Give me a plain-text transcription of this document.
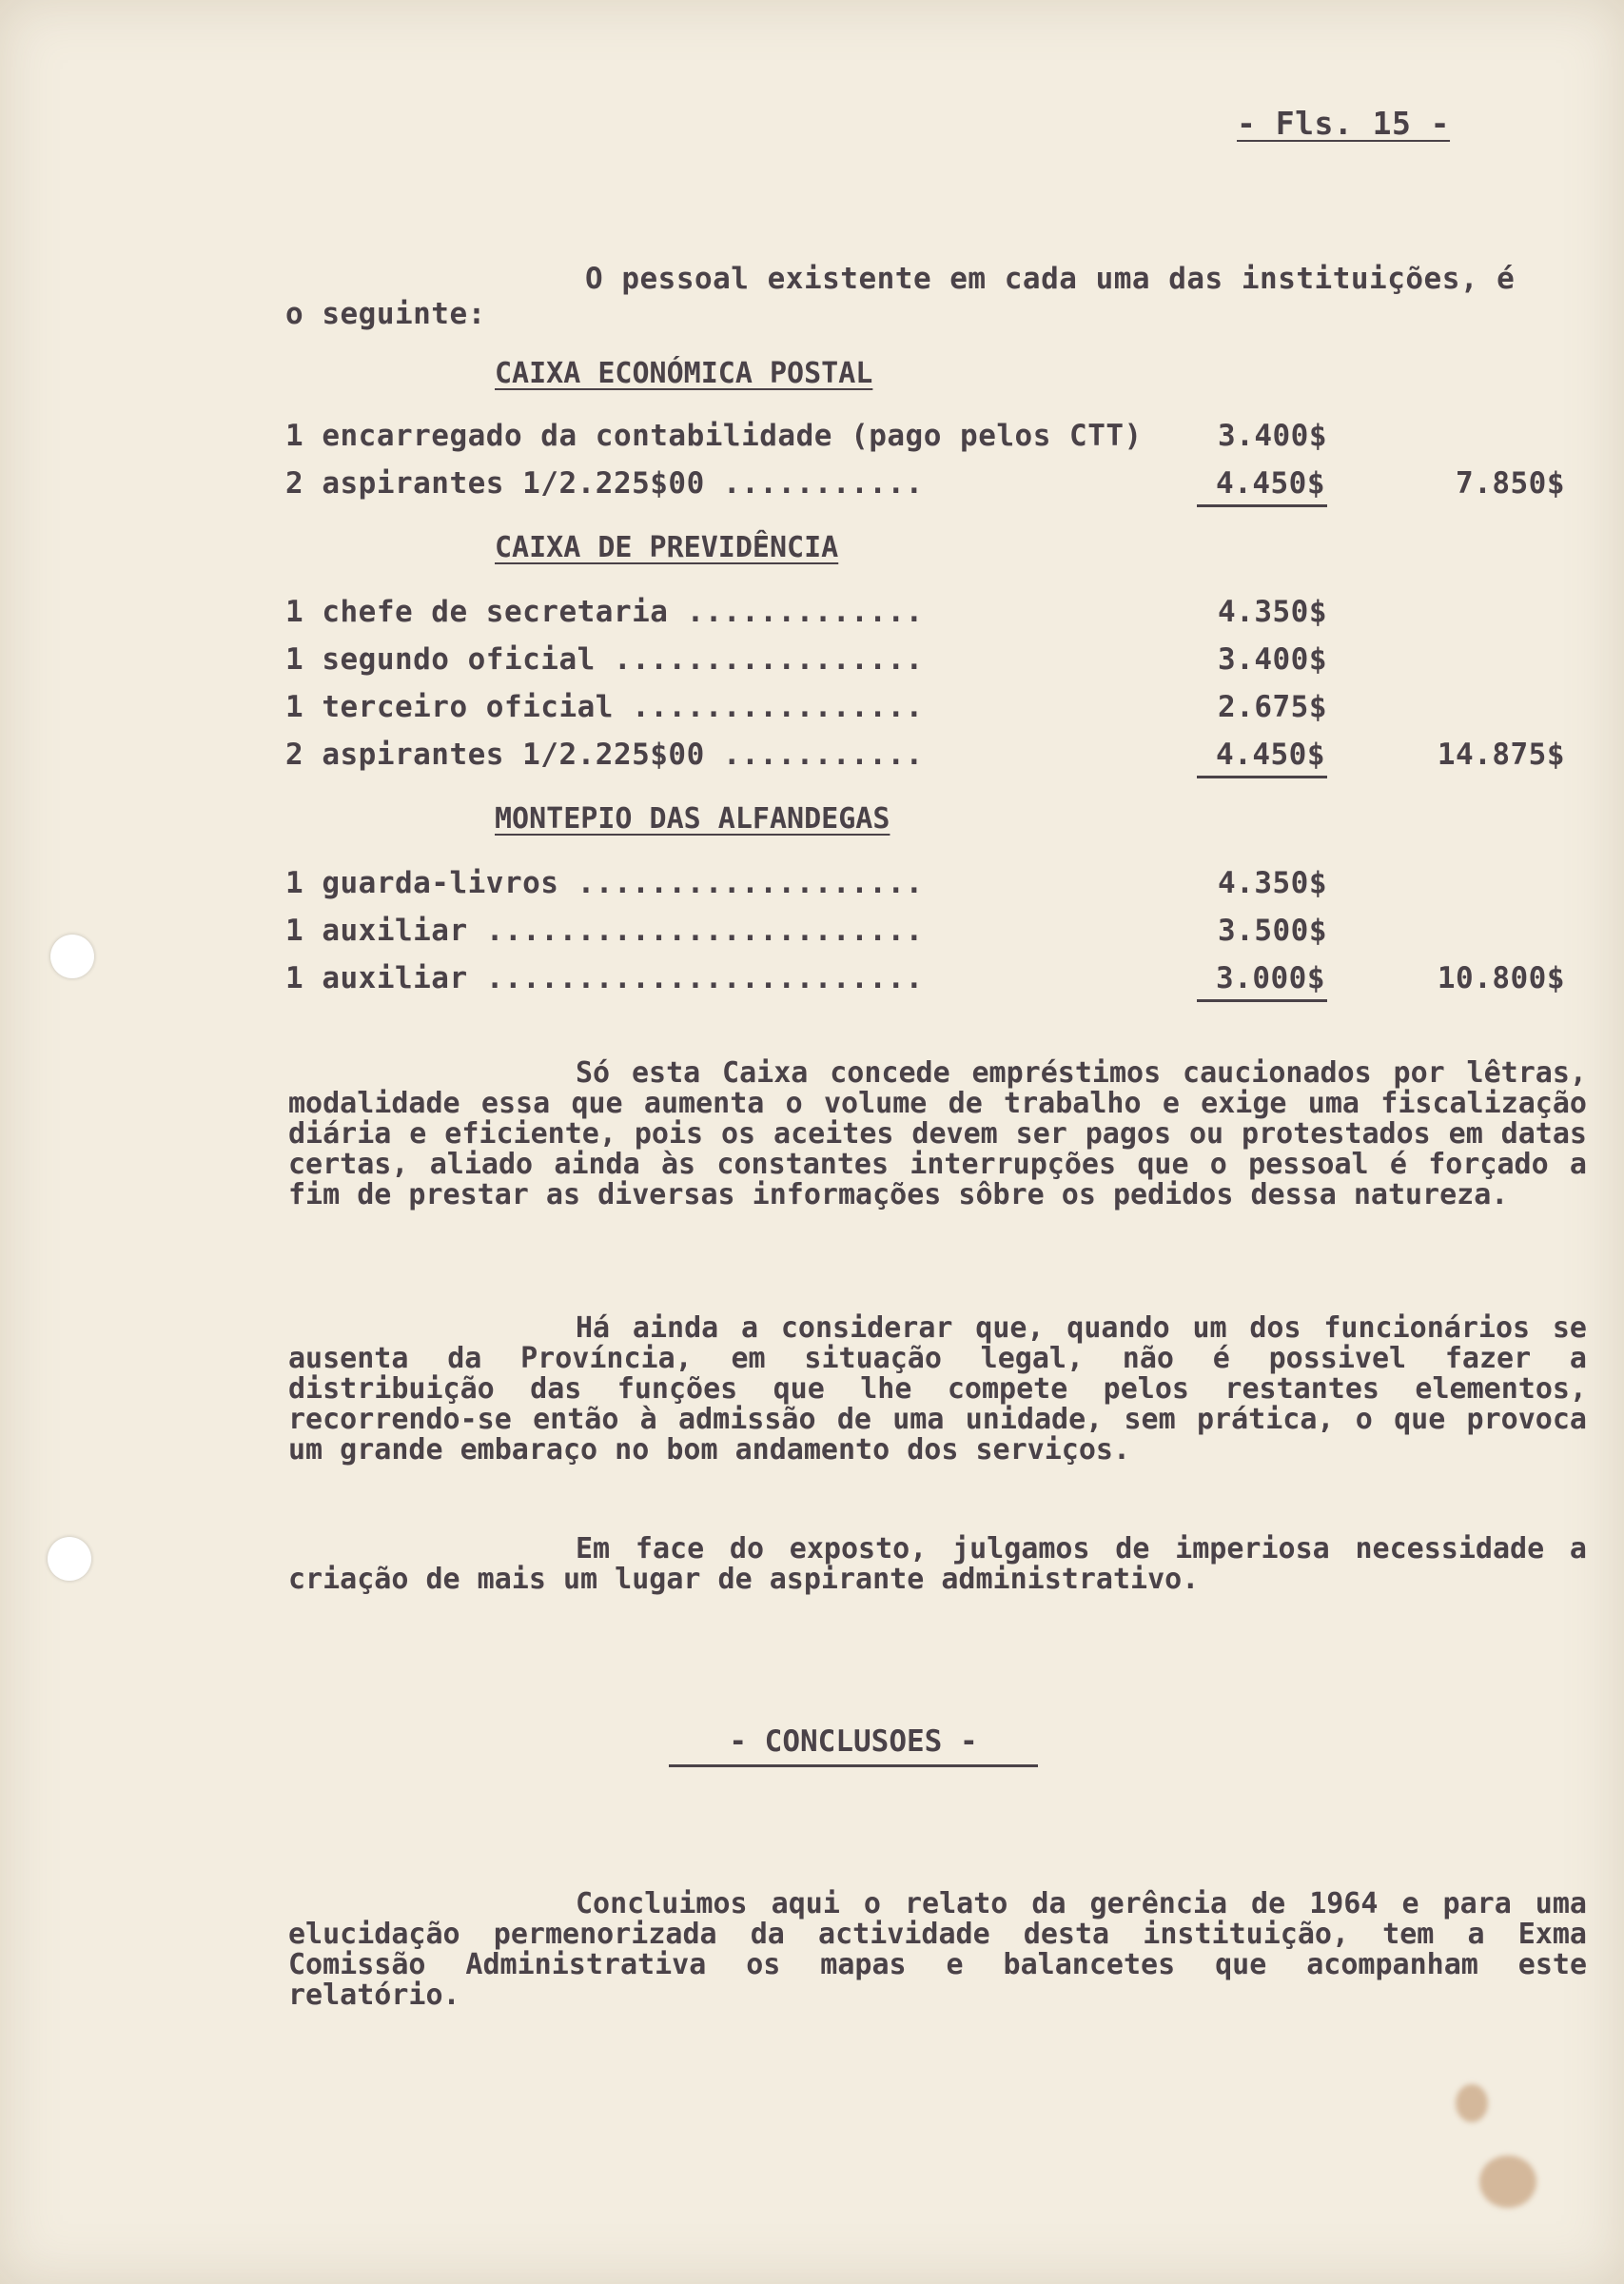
- Fls. 15 -
O pessoal existente em cada uma das instituições, é
o seguinte:
CAIXA ECONÓMICA POSTAL
1 encarregado da contabilidade (pago pelos CTT)	3.400$
2 aspirantes 1/2.225$00 ...........	4.450$	7.850$
CAIXA DE PREVIDÊNCIA
1 chefe de secretaria .............	4.350$
1 segundo oficial .................	3.400$
1 terceiro oficial ................	2.675$
2 aspirantes 1/2.225$00 ...........	4.450$	14.875$
MONTEPIO DAS ALFANDEGAS
1 guarda-livros ...................	4.350$
1 auxiliar ........................	3.500$
1 auxiliar ........................	3.000$	10.800$
Só esta Caixa concede empréstimos caucionados por lêtras, modalidade essa que aumenta o volume de trabalho e exige uma fiscalização diária e eficiente, pois os aceites devem ser pagos ou protestados em datas certas, aliado ainda às constantes interrupções que o pessoal é forçado a fim de prestar as diversas informações sôbre os pedidos dessa natureza.
Há ainda a considerar que, quando um dos funcionários se ausenta da Província, em situação legal, não é possivel fazer a distribuição das funções que lhe compete pelos restantes elementos, recorrendo-se então à admissão de uma unidade, sem prática, o que provoca um grande embaraço no bom andamento dos serviços.
Em face do exposto, julgamos de imperiosa necessidade a criação de mais um lugar de aspirante administrativo.
- CONCLUSOES -
Concluimos aqui o relato da gerência de 1964 e para uma elucidação permenorizada da actividade desta instituição, tem a Exma Comissão Administrativa os mapas e balancetes que acompanham este relatório.
